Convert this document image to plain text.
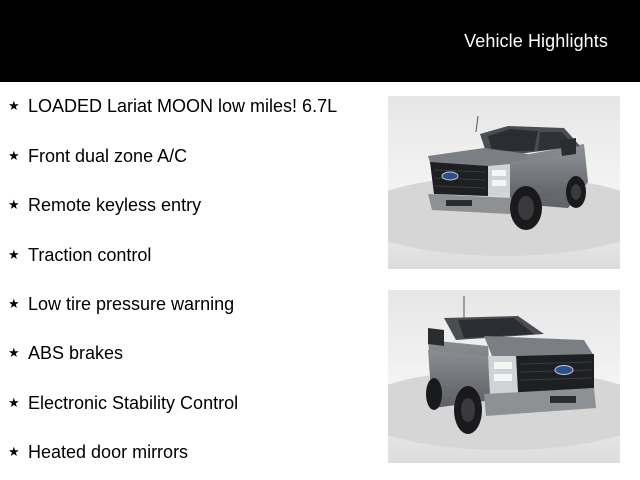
Vehicle Highlights
★ LOADED Lariat MOON low miles! 6.7L
★ Front dual zone A/C
★ Remote keyless entry
★ Traction control
★ Low tire pressure warning
★ ABS brakes
★ Electronic Stability Control
★ Heated door mirrors
